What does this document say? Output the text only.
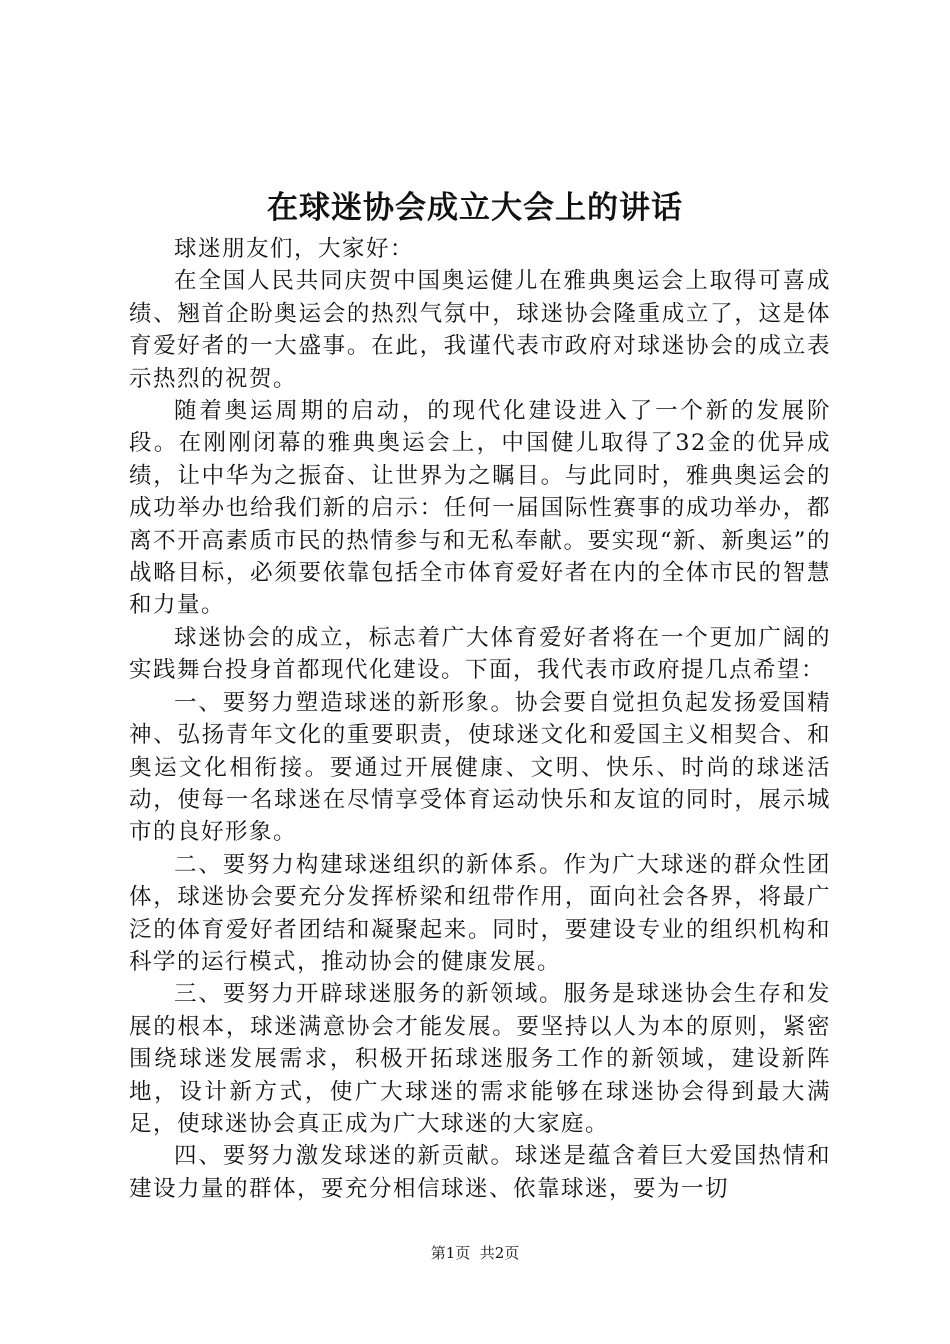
在球迷协会成立大会上的讲话

球迷朋友们，大家好：

在全国人民共同庆贺中国奥运健儿在雅典奥运会上取得可喜成绩、翘首企盼奥运会的热烈气氛中，球迷协会隆重成立了，这是体育爱好者的一大盛事。在此，我谨代表市政府对球迷协会的成立表示热烈的祝贺。

随着奥运周期的启动，的现代化建设进入了一个新的发展阶段。在刚刚闭幕的雅典奥运会上，中国健儿取得了32金的优异成绩，让中华为之振奋、让世界为之瞩目。与此同时，雅典奥运会的成功举办也给我们新的启示：任何一届国际性赛事的成功举办，都离不开高素质市民的热情参与和无私奉献。要实现“新、新奥运”的战略目标，必须要依靠包括全市体育爱好者在内的全体市民的智慧和力量。

球迷协会的成立，标志着广大体育爱好者将在一个更加广阔的实践舞台投身首都现代化建设。下面，我代表市政府提几点希望：

一、要努力塑造球迷的新形象。协会要自觉担负起发扬爱国精神、弘扬青年文化的重要职责，使球迷文化和爱国主义相契合、和奥运文化相衔接。要通过开展健康、文明、快乐、时尚的球迷活动，使每一名球迷在尽情享受体育运动快乐和友谊的同时，展示城市的良好形象。

二、要努力构建球迷组织的新体系。作为广大球迷的群众性团体，球迷协会要充分发挥桥梁和纽带作用，面向社会各界，将最广泛的体育爱好者团结和凝聚起来。同时，要建设专业的组织机构和科学的运行模式，推动协会的健康发展。

三、要努力开辟球迷服务的新领域。服务是球迷协会生存和发展的根本，球迷满意协会才能发展。要坚持以人为本的原则，紧密围绕球迷发展需求，积极开拓球迷服务工作的新领域，建设新阵地，设计新方式，使广大球迷的需求能够在球迷协会得到最大满足，使球迷协会真正成为广大球迷的大家庭。

四、要努力激发球迷的新贡献。球迷是蕴含着巨大爱国热情和建设力量的群体，要充分相信球迷、依靠球迷，要为一切

第1页  共2页
